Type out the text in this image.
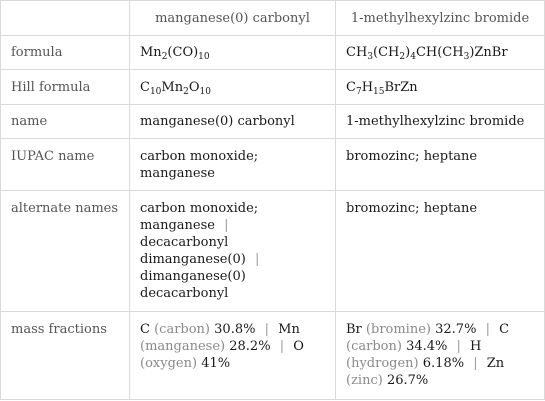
	manganese(0) carbonyl	1-methylhexylzinc bromide
formula	$Mn_2(CO)_{10}$	$CH_3(CH_2)_4CH(CH_3)ZnBr$
Hill formula	$C_{10}Mn_2O_{10}$	$C_7H_{15}BrZn$
name	manganese(0) carbonyl	1-methylhexylzinc bromide
IUPAC name	carbon monoxide; manganese	bromozinc; heptane
alternate names	carbon monoxide; manganese | decacarbonyl dimanganese(0) | dimanganese(0) decacarbonyl	bromozinc; heptane
mass fractions	C (carbon) 30.8% | Mn (manganese) 28.2% | O (oxygen) 41%	Br (bromine) 32.7% | C (carbon) 34.4% | H (hydrogen) 6.18% | Zn (zinc) 26.7%
